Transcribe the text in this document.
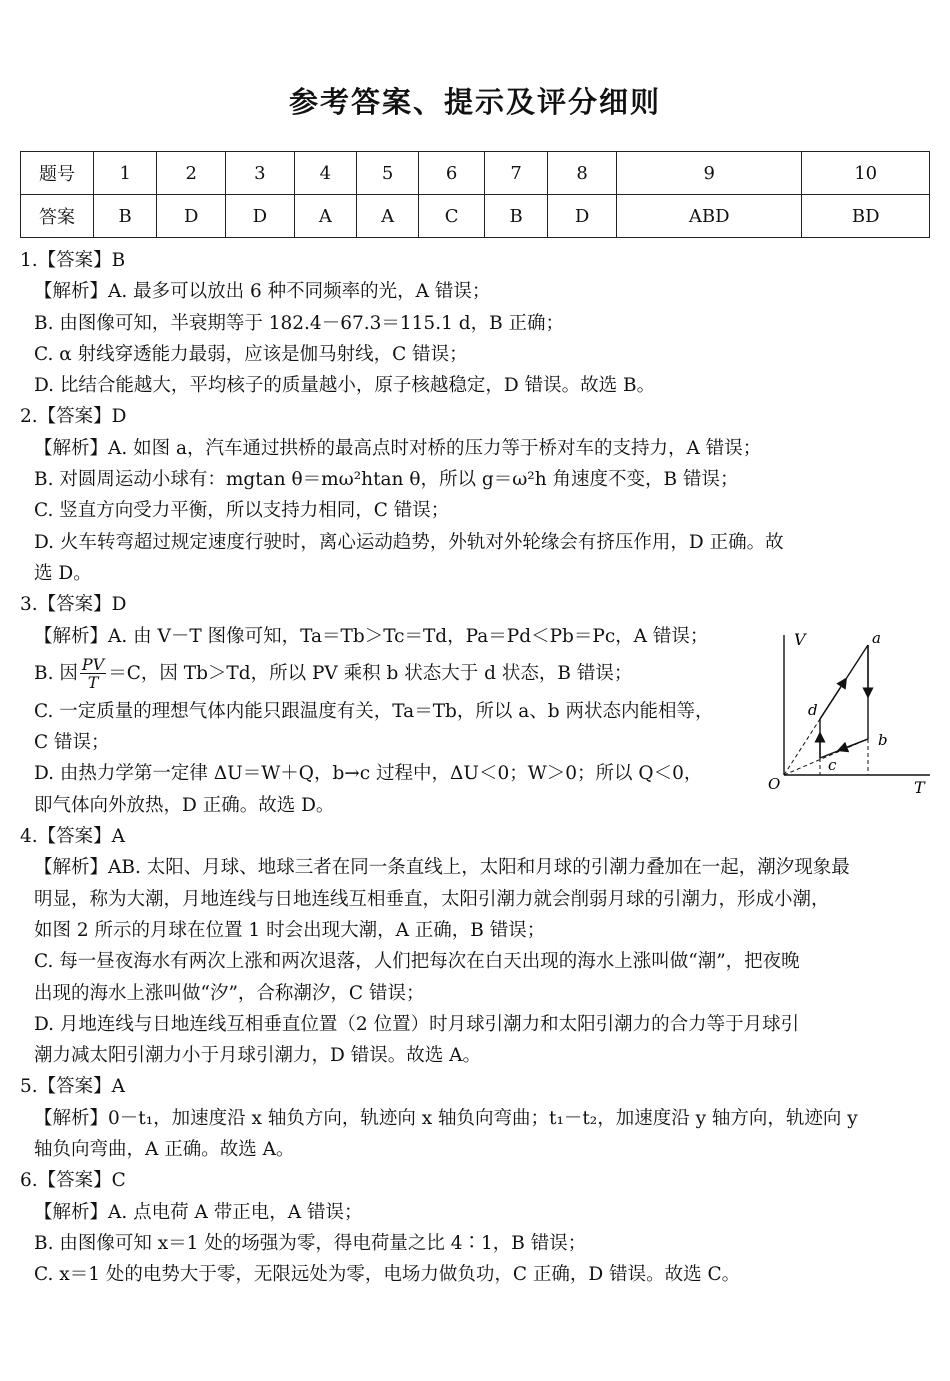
参考答案、提示及评分细则
题号	1	2	3	4	5	6	7	8	9	10
答案	B	D	D	A	A	C	B	D	ABD	BD

1.【答案】B

【解析】A. 最多可以放出 6 种不同频率的光，A 错误；

B. 由图像可知，半衰期等于 182.4－67.3＝115.1 d，B 正确；

C. α 射线穿透能力最弱，应该是伽马射线，C 错误；

D. 比结合能越大，平均核子的质量越小，原子核越稳定，D 错误。故选 B。

2.【答案】D

【解析】A. 如图 a，汽车通过拱桥的最高点时对桥的压力等于桥对车的支持力，A 错误；

B. 对圆周运动小球有：mgtan θ＝mω²htan θ，所以 g＝ω²h 角速度不变，B 错误；

C. 竖直方向受力平衡，所以支持力相同，C 错误；

D. 火车转弯超过规定速度行驶时，离心运动趋势，外轨对外轮缘会有挤压作用，D 正确。故

选 D。

3.【答案】D

【解析】A. 由 V－T 图像可知，Ta＝Tb＞Tc＝Td，Pa＝Pd＜Pb＝Pc，A 错误；

B. 因 $\frac{PV}{T} =C$，因 Tb＞Td，所以 PV 乘积 b 状态大于 d 状态，B 错误；

C. 一定质量的理想气体内能只跟温度有关，Ta＝Tb，所以 a、b 两状态内能相等，

C 错误；

D. 由热力学第一定律 ΔU＝W＋Q，b→c 过程中，ΔU＜0；W＞0；所以 Q＜0，

即气体向外放热，D 正确。故选 D。

4.【答案】A

【解析】AB. 太阳、月球、地球三者在同一条直线上，太阳和月球的引潮力叠加在一起，潮汐现象最

明显，称为大潮，月地连线与日地连线互相垂直，太阳引潮力就会削弱月球的引潮力，形成小潮，

如图 2 所示的月球在位置 1 时会出现大潮，A 正确，B 错误；

C. 每一昼夜海水有两次上涨和两次退落，人们把每次在白天出现的海水上涨叫做“潮”，把夜晚

出现的海水上涨叫做“汐”，合称潮汐，C 错误；

D. 月地连线与日地连线互相垂直位置（2 位置）时月球引潮力和太阳引潮力的合力等于月球引

潮力减太阳引潮力小于月球引潮力，D 错误。故选 A。

5.【答案】A

【解析】0－t₁，加速度沿 x 轴负方向，轨迹向 x 轴负向弯曲；t₁－t₂，加速度沿 y 轴方向，轨迹向 y

轴负向弯曲，A 正确。故选 A。

6.【答案】C

【解析】A. 点电荷 A 带正电，A 错误；

B. 由图像可知 x＝1 处的场强为零，得电荷量之比 4∶1，B 错误；

C. x＝1 处的电势大于零，无限远处为零，电场力做负功，C 正确，D 错误。故选 C。

V
T
O
a
b
c
d
